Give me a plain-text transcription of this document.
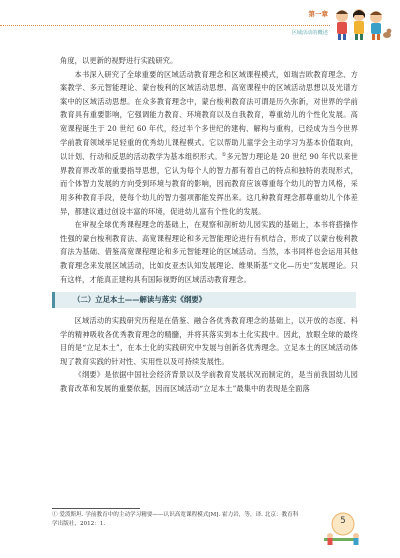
第一章
区域活动的概述

角度，以更新的视野进行实践研究。

本书深入研究了全球重要的区域活动教育理念和区域课程模式，如瑞吉欧教育理念、方案教学、多元智能理论、蒙台梭利的区域活动思想、高宽课程中的区域活动思想以及光谱方案中的区域活动思想。在众多教育理念中，蒙台梭利教育法可谓是历久弥新，对世界的学前教育具有重要影响，它强调能力教育、环境教育以及自我教育，尊重幼儿的个性化发展。高宽课程诞生于 20 世纪 60 年代，经过半个多世纪的建构、解构与重构，已经成为当今世界学前教育领域举足轻重的优秀幼儿课程模式。它以帮助儿童学会主动学习为基本价值取向，以计划、行动和反思的活动教学为基本组织形式。①多元智力理论是 20 世纪 90 年代以来世界教育界改革的重要指导思想，它认为每个人的智力都有着自己的特点和独特的表现形式，而个体智力发展的方向受到环境与教育的影响，因而教育应该尊重每个幼儿的智力风格，采用多种教育手段，使每个幼儿的智力强项都能发挥出来。这几种教育理念都尊重幼儿个体差异，都建议通过创设丰富的环境，促进幼儿富有个性化的发展。

在审视全球优秀课程理念的基础上，在观察和剖析幼儿园实践的基础上，本书将搭操作性强的蒙台梭利教育法、高宽课程理论和多元智能理论进行有机结合，形成了以蒙台梭利教育法为基础、借鉴高宽课程理论和多元智能理论的区域活动。当然，本书同样也会运用其他教育理念来发展区域活动，比如皮亚杰认知发展理论、维果斯基“文化—历史”发展理论。只有这样，才能真正建构具有国际视野的区域活动教育理念。

（二）立足本土——解读与落实《纲要》

区域活动的实践研究历程是在借鉴、融合各优秀教育理念的基础上，以开放的态度、科学的精神吸收各优秀教育理念的精髓，并将其落实到本土化实践中。因此，放眼全球的最终目的是“立足本土”，在本土化的实践研究中发展与创新各优秀理念。立足本土的区域活动体现了教育实践的针对性、实用性以及可持续发展性。

《纲要》是依据中国社会经济背景以及学前教育发展状况而制定的，是当前我国幼儿园教育改革和发展的重要依据，因而区域活动“立足本土”最集中的表现是全面落

① 爱泼斯坦. 学前教育中的主动学习精要——认识高宽课程模式[M]. 霍力岩，等，译. 北京：教育科学出版社，2012：1.	5
